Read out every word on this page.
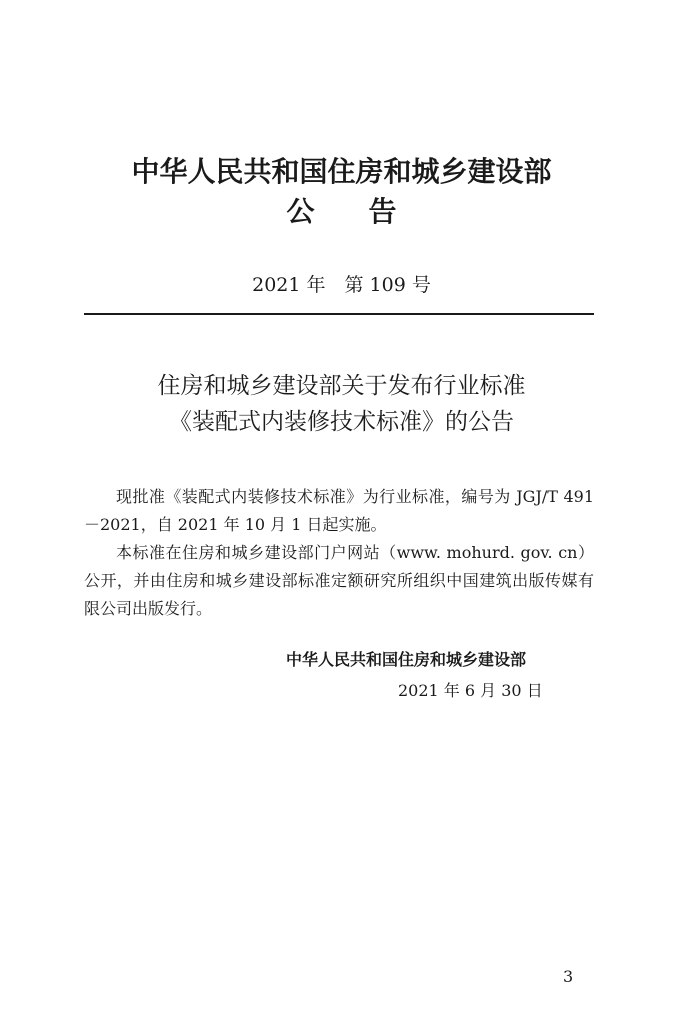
中华人民共和国住房和城乡建设部
公 告
2021 年　第 109 号
住房和城乡建设部关于发布行业标准
《装配式内装修技术标准》的公告

现批准《装配式内装修技术标准》为行业标准，编号为 JGJ/T 491－2021，自 2021 年 10 月 1 日起实施。

本标准在住房和城乡建设部门户网站（www. mohurd. gov. cn）公开，并由住房和城乡建设部标准定额研究所组织中国建筑出版传媒有限公司出版发行。

中华人民共和国住房和城乡建设部
2021 年 6 月 30 日
3
